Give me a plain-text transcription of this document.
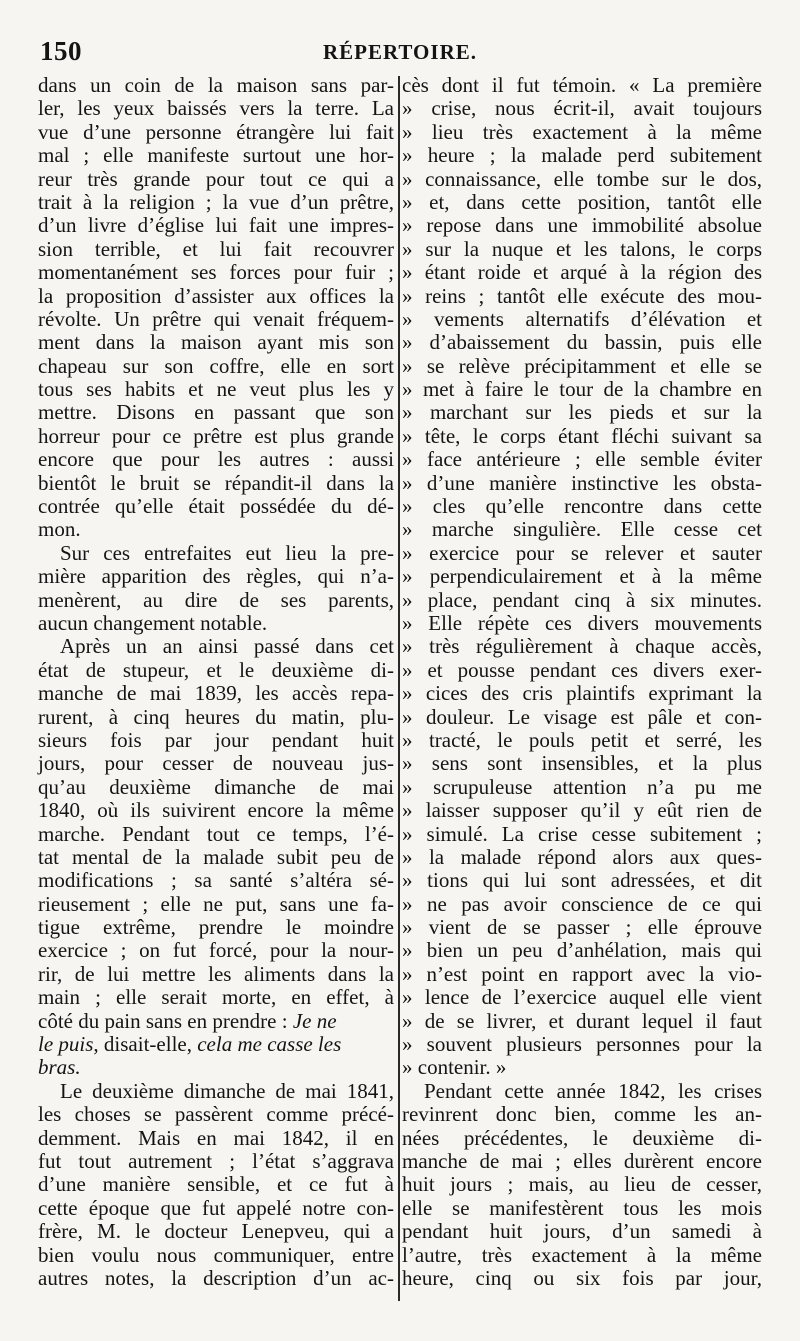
150	RÉPERTOIRE.
dans un coin de la maison sans par-
ler, les yeux baissés vers la terre. La
vue d’une personne étrangère lui fait
mal ; elle manifeste surtout une hor-
reur très grande pour tout ce qui a
trait à la religion ; la vue d’un prêtre,
d’un livre d’église lui fait une impres-
sion terrible, et lui fait recouvrer
momentanément ses forces pour fuir ;
la proposition d’assister aux offices la
révolte. Un prêtre qui venait fréquem-
ment dans la maison ayant mis son
chapeau sur son coffre, elle en sort
tous ses habits et ne veut plus les y
mettre. Disons en passant que son
horreur pour ce prêtre est plus grande
encore que pour les autres : aussi
bientôt le bruit se répandit-il dans la
contrée qu’elle était possédée du dé-
mon.
Sur ces entrefaites eut lieu la pre-
mière apparition des règles, qui n’a-
menèrent, au dire de ses parents,
aucun changement notable.
Après un an ainsi passé dans cet
état de stupeur, et le deuxième di-
manche de mai 1839, les accès repa-
rurent, à cinq heures du matin, plu-
sieurs fois par jour pendant huit
jours, pour cesser de nouveau jus-
qu’au deuxième dimanche de mai
1840, où ils suivirent encore la même
marche. Pendant tout ce temps, l’é-
tat mental de la malade subit peu de
modifications ; sa santé s’altéra sé-
rieusement ; elle ne put, sans une fa-
tigue extrême, prendre le moindre
exercice ; on fut forcé, pour la nour-
rir, de lui mettre les aliments dans la
main ; elle serait morte, en effet, à
côté du pain sans en prendre : Je ne
le puis, disait-elle, cela me casse les
bras.
Le deuxième dimanche de mai 1841,
les choses se passèrent comme précé-
demment. Mais en mai 1842, il en
fut tout autrement ; l’état s’aggrava
d’une manière sensible, et ce fut à
cette époque que fut appelé notre con-
frère, M. le docteur Lenepveu, qui a
bien voulu nous communiquer, entre
autres notes, la description d’un ac-
cès dont il fut témoin. « La première
» crise, nous écrit-il, avait toujours
» lieu très exactement à la même
» heure ; la malade perd subitement
» connaissance, elle tombe sur le dos,
» et, dans cette position, tantôt elle
» repose dans une immobilité absolue
» sur la nuque et les talons, le corps
» étant roide et arqué à la région des
» reins ; tantôt elle exécute des mou-
» vements alternatifs d’élévation et
» d’abaissement du bassin, puis elle
» se relève précipitamment et elle se
» met à faire le tour de la chambre en
» marchant sur les pieds et sur la
» tête, le corps étant fléchi suivant sa
» face antérieure ; elle semble éviter
» d’une manière instinctive les obsta-
» cles qu’elle rencontre dans cette
» marche singulière. Elle cesse cet
» exercice pour se relever et sauter
» perpendiculairement et à la même
» place, pendant cinq à six minutes.
» Elle répète ces divers mouvements
» très régulièrement à chaque accès,
» et pousse pendant ces divers exer-
» cices des cris plaintifs exprimant la
» douleur. Le visage est pâle et con-
» tracté, le pouls petit et serré, les
» sens sont insensibles, et la plus
» scrupuleuse attention n’a pu me
» laisser supposer qu’il y eût rien de
» simulé. La crise cesse subitement ;
» la malade répond alors aux ques-
» tions qui lui sont adressées, et dit
» ne pas avoir conscience de ce qui
» vient de se passer ; elle éprouve
» bien un peu d’anhélation, mais qui
» n’est point en rapport avec la vio-
» lence de l’exercice auquel elle vient
» de se livrer, et durant lequel il faut
» souvent plusieurs personnes pour la
» contenir. »
Pendant cette année 1842, les crises
revinrent donc bien, comme les an-
nées précédentes, le deuxième di-
manche de mai ; elles durèrent encore
huit jours ; mais, au lieu de cesser,
elle se manifestèrent tous les mois
pendant huit jours, d’un samedi à
l’autre, très exactement à la même
heure, cinq ou six fois par jour,
